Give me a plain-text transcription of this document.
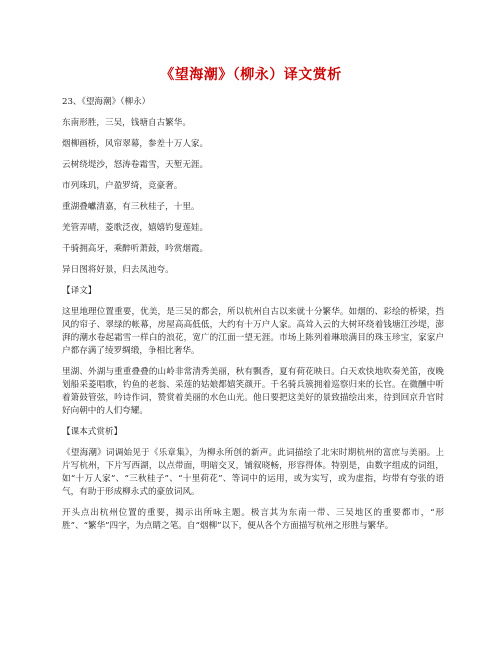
《望海潮》（柳永）译文赏析
23、《望海潮》（柳永）
东南形胜，三吴，钱塘自古繁华。
烟柳画桥，风帘翠幕，参差十万人家。
云树绕堤沙，怒涛卷霜雪，天堑无涯。
市列珠玑，户盈罗绮，竞豪奢。
重湖叠巘清嘉，有三秋桂子，十里。
羌管弄晴，菱歌泛夜，嬉嬉钓叟莲娃。
千骑拥高牙，乘醉听萧鼓，吟赏烟霞。
异日图将好景，归去凤池夸。
【译文】
这里地理位置重要，优美，是三吴的都会，所以杭州自古以来就十分繁华。如烟的、彩绘的桥梁，挡风的帘子、翠绿的帐幕，房屋高高低低，大约有十万户人家。高耸入云的大树环绕着钱塘江沙堤，澎湃的潮水卷起霜雪一样白的浪花，宽广的江面一望无涯。市场上陈列着琳琅满目的珠玉珍宝，家家户户都存满了绫罗绸缎，争相比奢华。
里湖、外湖与重重叠叠的山岭非常清秀美丽，秋有飘香，夏有荷花映日。白天欢快地吹奏羌笛，夜晚划船采菱唱歌，钓鱼的老翁、采莲的姑娘都嬉笑颜开。千名骑兵簇拥着巡察归来的长官。在微醺中听着箫鼓管弦，吟诗作词，赞赏着美丽的水色山光。他日要把这美好的景致描绘出来，待到回京升官时好向朝中的人们夸耀。
【课本式赏析】
《望海潮》词调始见于《乐章集》，为柳永所创的新声。此词描绘了北宋时期杭州的富庶与美丽。上片写杭州，下片写西湖，以点带面，明暗交叉，铺叙晓畅，形容得体。特别是，由数字组成的词组，如“十万人家”、“三秋桂子”、“十里荷花”、等词中的运用，或为实写，或为虚指，均带有夸张的语气，有助于形成柳永式的豪放词风。
开头点出杭州位置的重要，揭示出所咏主题。极言其为东南一带、三吴地区的重要都市，“形胜”、“繁华”四字，为点睛之笔。自“烟柳”以下，便从各个方面描写杭州之形胜与繁华。
